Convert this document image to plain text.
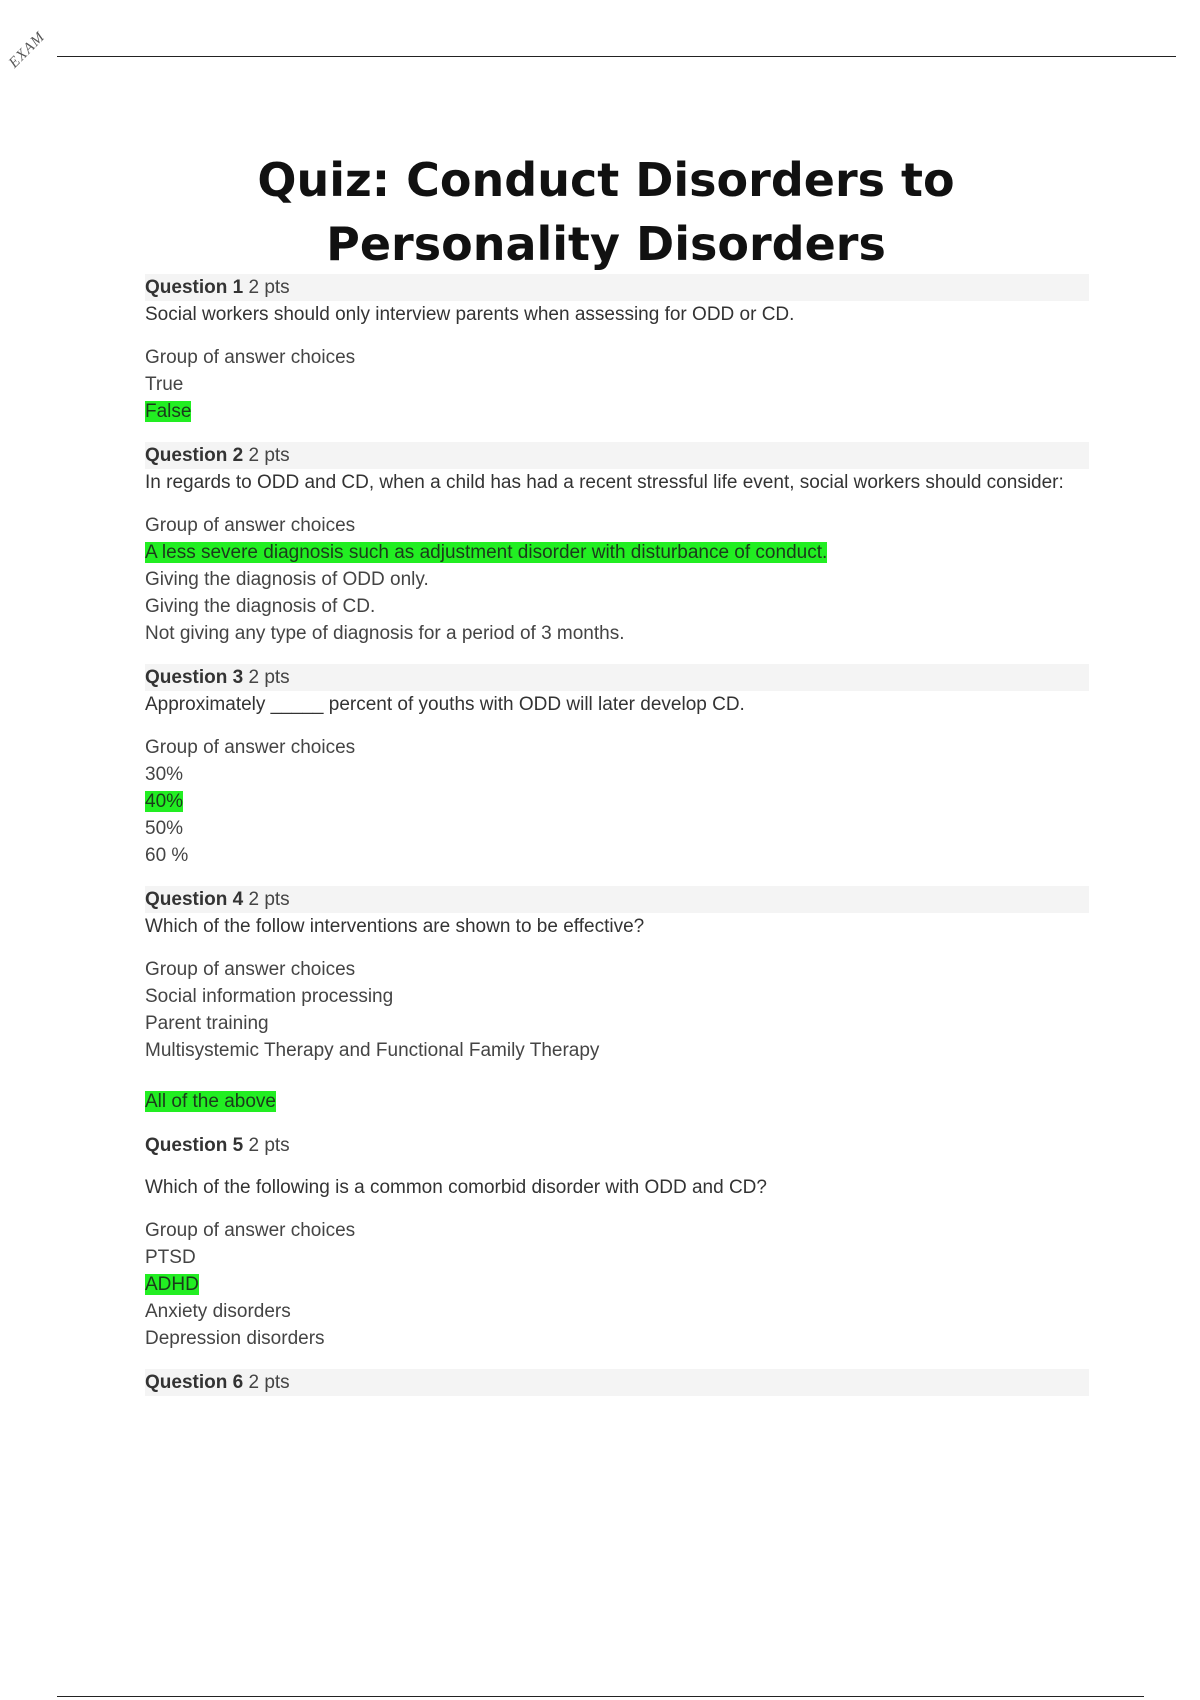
EXAM
Quiz: Conduct Disorders to Personality Disorders
Question 1 2 pts

Social workers should only interview parents when assessing for ODD or CD.

Group of answer choices
True
False
Question 2 2 pts

In regards to ODD and CD, when a child has had a recent stressful life event, social workers should consider:

Group of answer choices
A less severe diagnosis such as adjustment disorder with disturbance of conduct.
Giving the diagnosis of ODD only.
Giving the diagnosis of CD.
Not giving any type of diagnosis for a period of 3 months.
Question 3 2 pts

Approximately _____ percent of youths with ODD will later develop CD.

Group of answer choices
30%
40%
50%
60 %
Question 4 2 pts

Which of the follow interventions are shown to be effective?

Group of answer choices
Social information processing
Parent training
Multisystemic Therapy and Functional Family Therapy
All of the above
Question 5 2 pts

Which of the following is a common comorbid disorder with ODD and CD?

Group of answer choices
PTSD
ADHD
Anxiety disorders
Depression disorders
Question 6 2 pts
